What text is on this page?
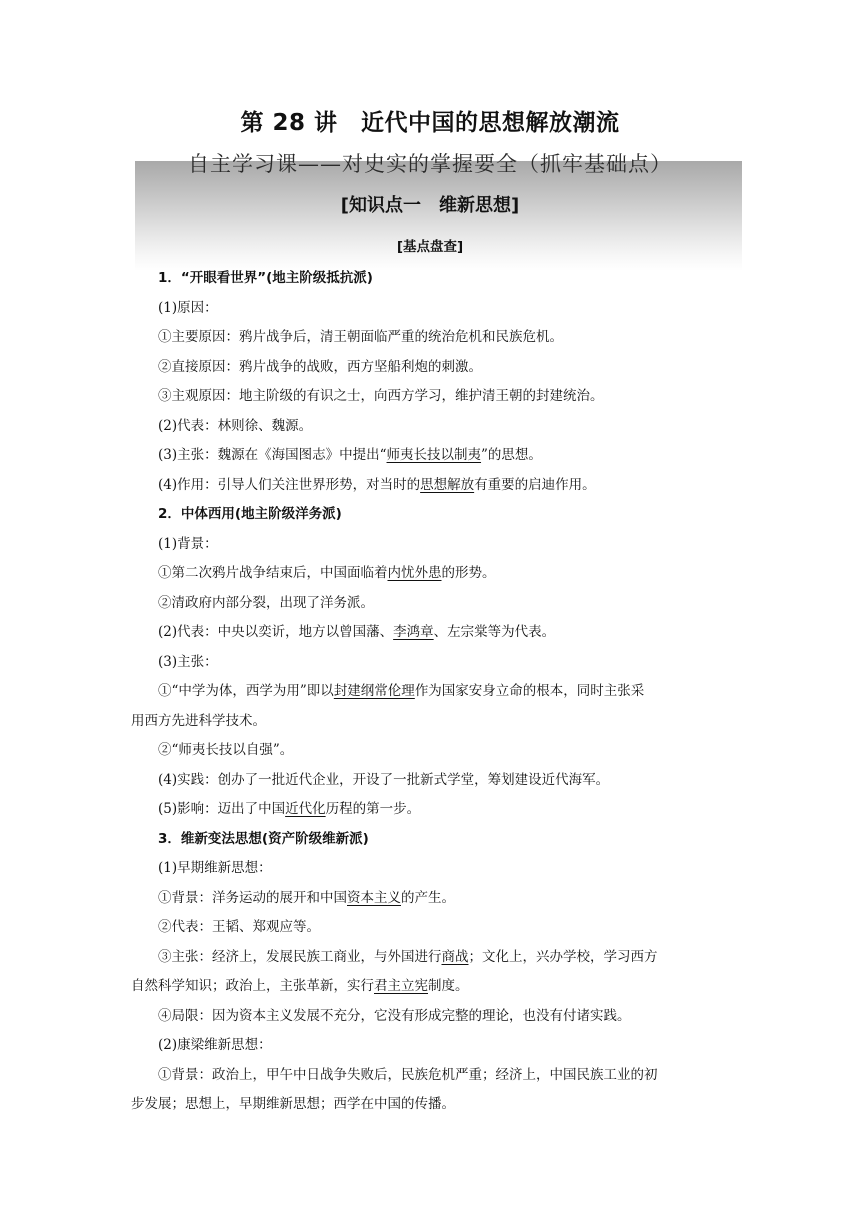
第 28 讲　近代中国的思想解放潮流
自主学习课——对史实的掌握要全（抓牢基础点）
[知识点一　维新思想]
[基点盘查]
1．“开眼看世界”(地主阶级抵抗派)
(1)原因：
①主要原因：鸦片战争后，清王朝面临严重的统治危机和民族危机。
②直接原因：鸦片战争的战败，西方坚船利炮的刺激。
③主观原因：地主阶级的有识之士，向西方学习，维护清王朝的封建统治。
(2)代表：林则徐、魏源。
(3)主张：魏源在《海国图志》中提出“师夷长技以制夷”的思想。
(4)作用：引导人们关注世界形势，对当时的思想解放有重要的启迪作用。
2．中体西用(地主阶级洋务派)
(1)背景：
①第二次鸦片战争结束后，中国面临着内忧外患的形势。
②清政府内部分裂，出现了洋务派。
(2)代表：中央以奕䜣，地方以曾国藩、李鸿章、左宗棠等为代表。
(3)主张：
①“中学为体，西学为用”即以封建纲常伦理作为国家安身立命的根本，同时主张采
用西方先进科学技术。
②“师夷长技以自强”。
(4)实践：创办了一批近代企业，开设了一批新式学堂，筹划建设近代海军。
(5)影响：迈出了中国近代化历程的第一步。
3．维新变法思想(资产阶级维新派)
(1)早期维新思想：
①背景：洋务运动的展开和中国资本主义的产生。
②代表：王韬、郑观应等。
③主张：经济上，发展民族工商业，与外国进行商战；文化上，兴办学校，学习西方
自然科学知识；政治上，主张革新，实行君主立宪制度。
④局限：因为资本主义发展不充分，它没有形成完整的理论，也没有付诸实践。
(2)康梁维新思想：
①背景：政治上，甲午中日战争失败后，民族危机严重；经济上，中国民族工业的初
步发展；思想上，早期维新思想；西学在中国的传播。
